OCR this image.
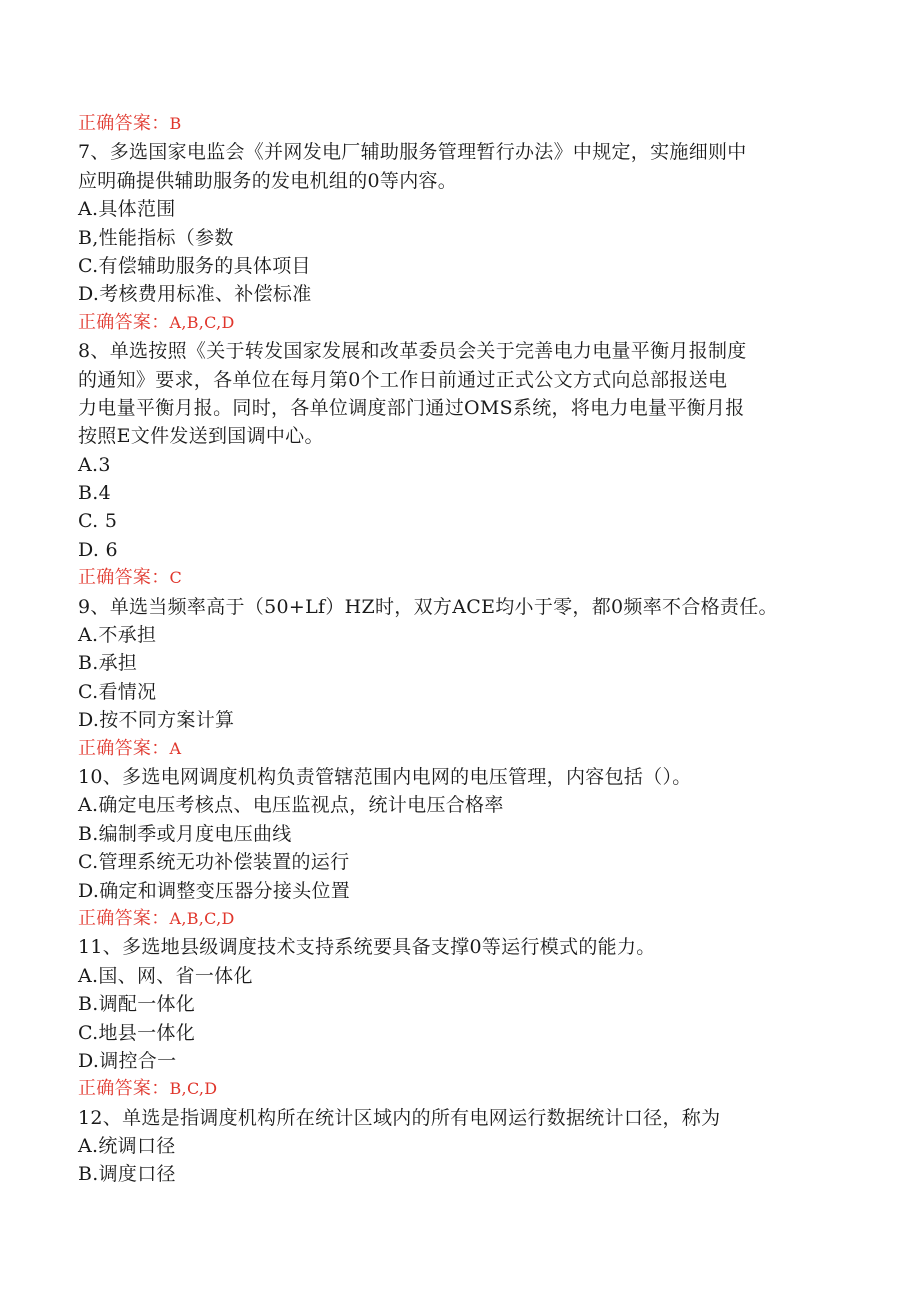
正确答案：B
7、多选国家电监会《并网发电厂辅助服务管理暂行办法》中规定，实施细则中
应明确提供辅助服务的发电机组的0等内容。
A.具体范围
B,性能指标（参数
C.有偿辅助服务的具体项目
D.考核费用标准、补偿标准
正确答案：A,B,C,D
8、单选按照《关于转发国家发展和改革委员会关于完善电力电量平衡月报制度
的通知》要求，各单位在每月第0个工作日前通过正式公文方式向总部报送电
力电量平衡月报。同时，各单位调度部门通过OMS系统，将电力电量平衡月报
按照E文件发送到国调中心。
A.3
B.4
C. 5
D. 6
正确答案：C
9、单选当频率高于（50+Lf）HZ时，双方ACE均小于零，都0频率不合格责任。
A.不承担
B.承担
C.看情况
D.按不同方案计算
正确答案：A
10、多选电网调度机构负责管辖范围内电网的电压管理，内容包括（）。
A.确定电压考核点、电压监视点，统计电压合格率
B.编制季或月度电压曲线
C.管理系统无功补偿装置的运行
D.确定和调整变压器分接头位置
正确答案：A,B,C,D
11、多选地县级调度技术支持系统要具备支撑0等运行模式的能力。
A.国、网、省一体化
B.调配一体化
C.地县一体化
D.调控合一
正确答案：B,C,D
12、单选是指调度机构所在统计区域内的所有电网运行数据统计口径，称为
A.统调口径
B.调度口径
